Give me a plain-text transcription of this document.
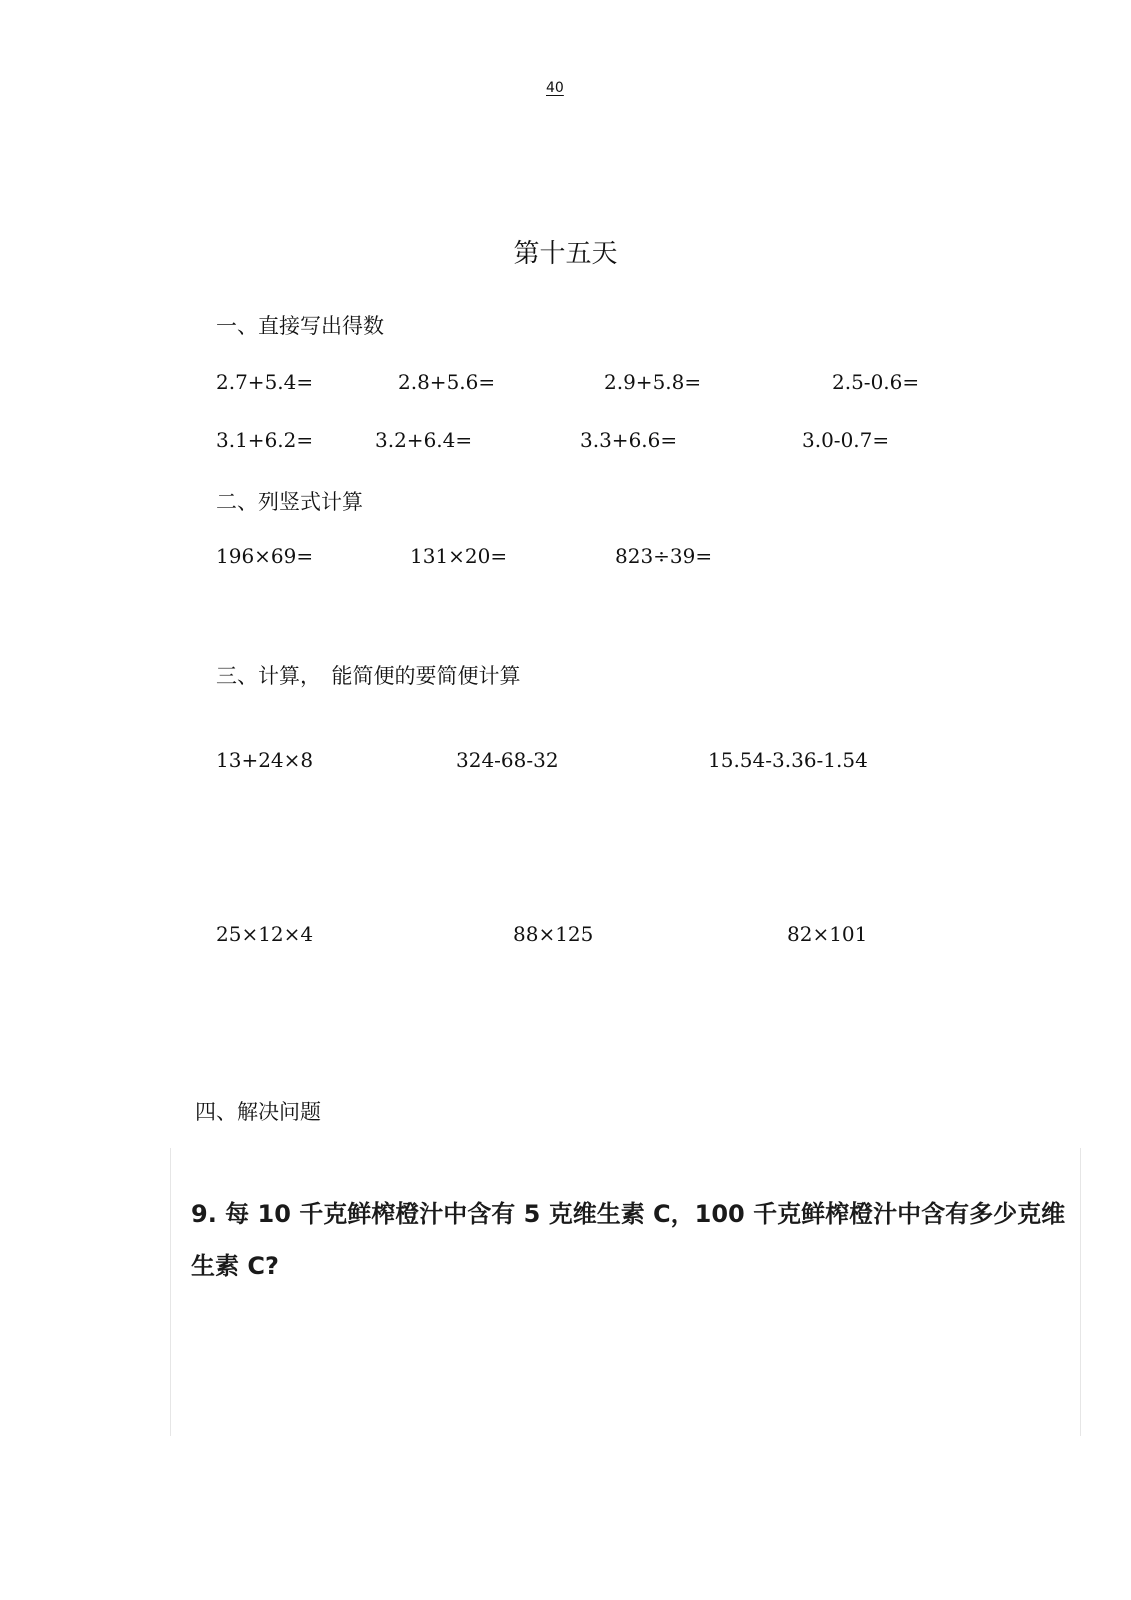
40
第十五天
一、直接写出得数
2.7+5.4=	2.8+5.6=	2.9+5.8=	2.5-0.6=
3.1+6.2=	3.2+6.4=	3.3+6.6=	3.0-0.7=
二、列竖式计算
196×69=	131×20=	823÷39=
三、计算，　能简便的要简便计算
13+24×8	324-68-32	15.54-3.36-1.54
25×12×4	88×125	82×101
四、解决问题
9. 每 10 千克鲜榨橙汁中含有 5 克维生素 C，100 千克鲜榨橙汁中含有多少克维生素 C?
